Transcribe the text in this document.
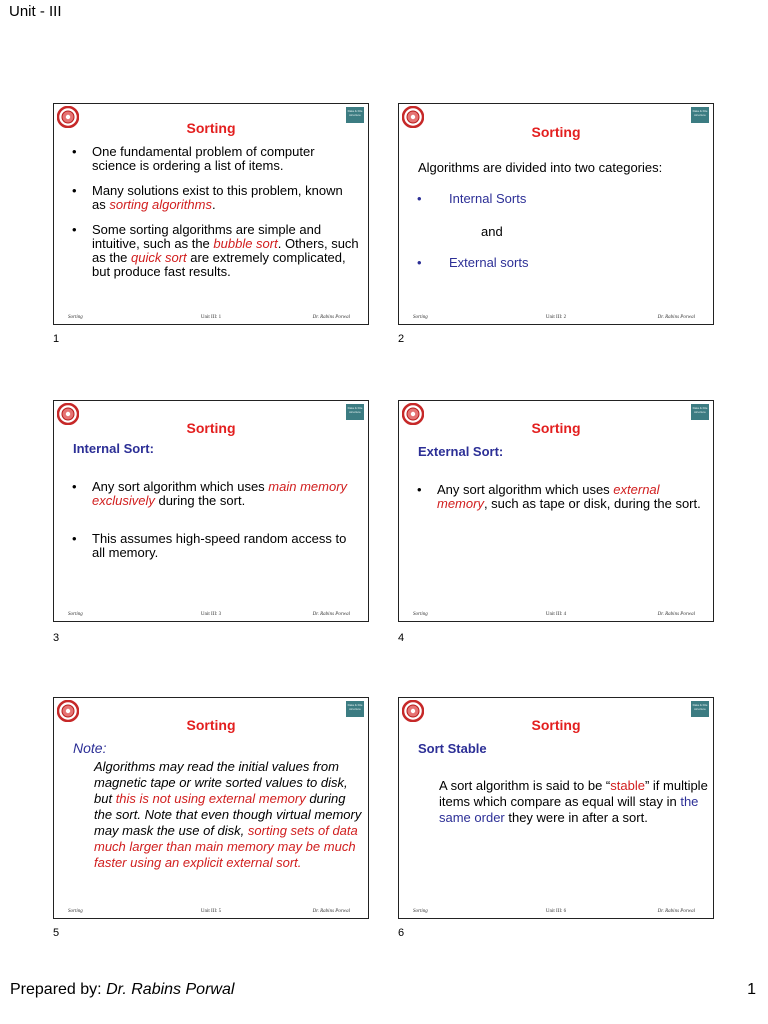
Unit - III
Data & File structure
Sorting
• One fundamental problem of computer science is ordering a list of items.
• Many solutions exist to this problem, known as sorting algorithms.
• Some sorting algorithms are simple and intuitive, such as the bubble sort. Others, such as the quick sort are extremely complicated, but produce fast results.
Sorting	Unit III: 1	Dr. Rabins Porwal
1
Data & File structure
Sorting
Algorithms are divided into two categories:
• Internal Sorts
and
• External sorts
Sorting	Unit III: 2	Dr. Rabins Porwal
2
Data & File structure
Sorting
Internal Sort:
• Any sort algorithm which uses main memory exclusively during the sort.
• This assumes high-speed random access to all memory.
Sorting	Unit III: 3	Dr. Rabins Porwal
3
Data & File structure
Sorting
External Sort:
• Any sort algorithm which uses external memory, such as tape or disk, during the sort.
Sorting	Unit III: 4	Dr. Rabins Porwal
4
Data & File structure
Sorting
Note:
Algorithms may read the initial values from magnetic tape or write sorted values to disk, but this is not using external memory during the sort. Note that even though virtual memory may mask the use of disk, sorting sets of data much larger than main memory may be much faster using an explicit external sort.
Sorting	Unit III: 5	Dr. Rabins Porwal
5
Data & File structure
Sorting
Sort Stable
A sort algorithm is said to be “stable” if multiple items which compare as equal will stay in the same order they were in after a sort.
Sorting	Unit III: 6	Dr. Rabins Porwal
6
Prepared by: Dr. Rabins Porwal	1
